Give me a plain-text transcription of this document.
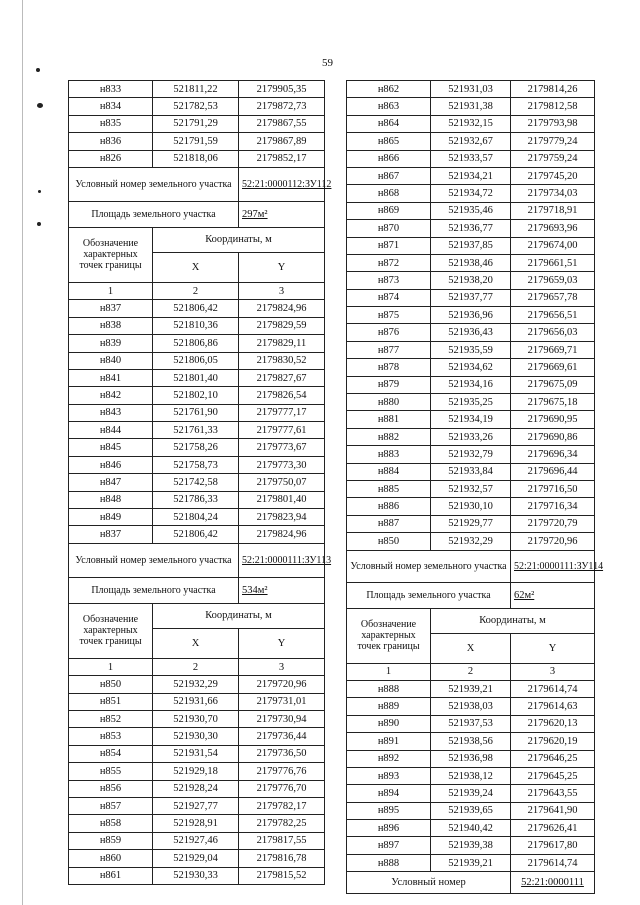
59
н833	521811,22	2179905,35
н834	521782,53	2179872,73
н835	521791,29	2179867,55
н836	521791,59	2179867,89
н826	521818,06	2179852,17
Условный номер земельного участка		52:21:0000112:ЗУ112
Площадь земельного участка		297м²
Обозначение характерных точек границы	Координаты, м	
	X	Y
1	2	3
н837	521806,42	2179824,96
н838	521810,36	2179829,59
н839	521806,86	2179829,11
н840	521806,05	2179830,52
н841	521801,40	2179827,67
н842	521802,10	2179826,54
н843	521761,90	2179777,17
н844	521761,33	2179777,61
н845	521758,26	2179773,67
н846	521758,73	2179773,30
н847	521742,58	2179750,07
н848	521786,33	2179801,40
н849	521804,24	2179823,94
н837	521806,42	2179824,96
Условный номер земельного участка		52:21:0000111:ЗУ113
Площадь земельного участка		534м²
Обозначение характерных точек границы	Координаты, м	
	X	Y
1	2	3
н850	521932,29	2179720,96
н851	521931,66	2179731,01
н852	521930,70	2179730,94
н853	521930,30	2179736,44
н854	521931,54	2179736,50
н855	521929,18	2179776,76
н856	521928,24	2179776,70
н857	521927,77	2179782,17
н858	521928,91	2179782,25
н859	521927,46	2179817,55
н860	521929,04	2179816,78
н861	521930,33	2179815,52
н862	521931,03	2179814,26
н863	521931,38	2179812,58
н864	521932,15	2179793,98
н865	521932,67	2179779,24
н866	521933,57	2179759,24
н867	521934,21	2179745,20
н868	521934,72	2179734,03
н869	521935,46	2179718,91
н870	521936,77	2179693,96
н871	521937,85	2179674,00
н872	521938,46	2179661,51
н873	521938,20	2179659,03
н874	521937,77	2179657,78
н875	521936,96	2179656,51
н876	521936,43	2179656,03
н877	521935,59	2179669,71
н878	521934,62	2179669,61
н879	521934,16	2179675,09
н880	521935,25	2179675,18
н881	521934,19	2179690,95
н882	521933,26	2179690,86
н883	521932,79	2179696,34
н884	521933,84	2179696,44
н885	521932,57	2179716,50
н886	521930,10	2179716,34
н887	521929,77	2179720,79
н850	521932,29	2179720,96
Условный номер земельного участка		52:21:0000111:ЗУ114
Площадь земельного участка		62м²
Обозначение характерных точек границы	Координаты, м	
	X	Y
1	2	3
н888	521939,21	2179614,74
н889	521938,03	2179614,63
н890	521937,53	2179620,13
н891	521938,56	2179620,19
н892	521936,98	2179646,25
н893	521938,12	2179645,25
н894	521939,24	2179643,55
н895	521939,65	2179641,90
н896	521940,42	2179626,41
н897	521939,38	2179617,80
н888	521939,21	2179614,74
Условный номер		52:21:0000111
